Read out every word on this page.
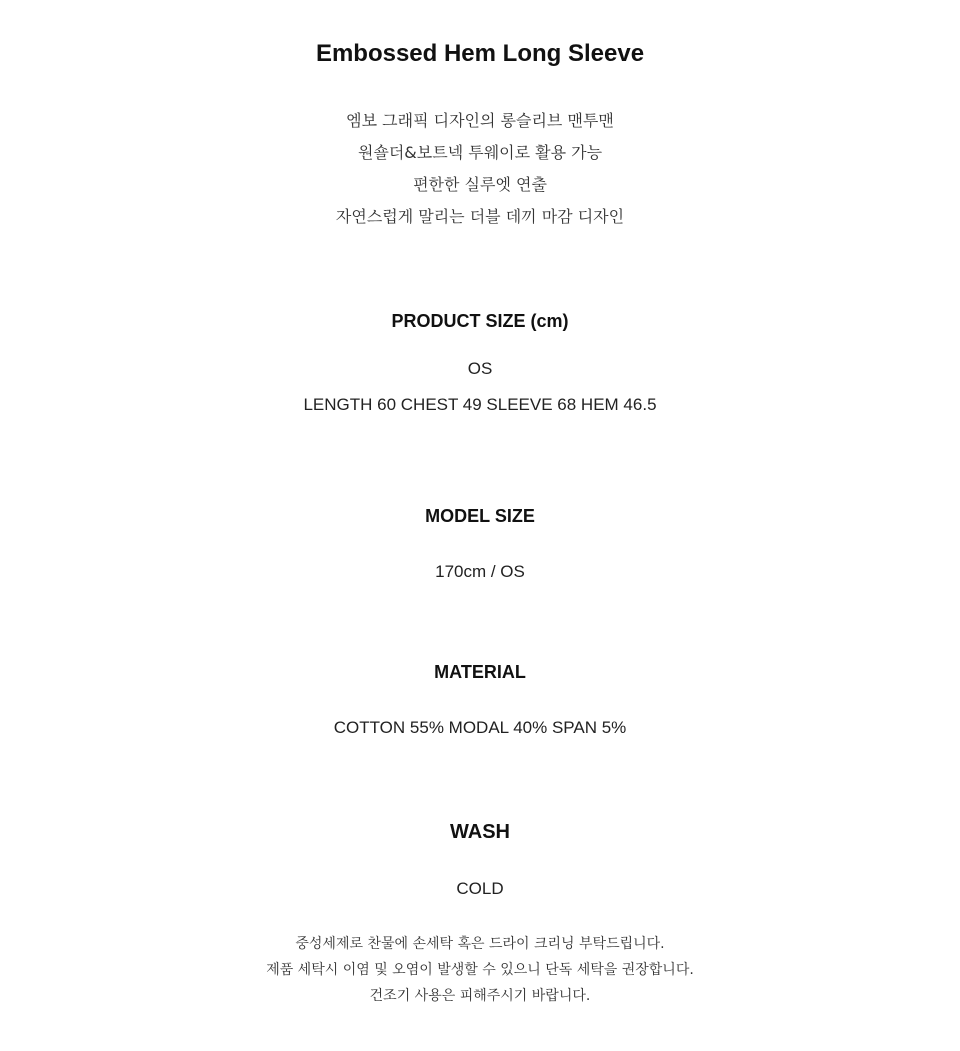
Embossed Hem Long Sleeve
엠보 그래픽 디자인의 롱슬리브 맨투맨
원숄더&보트넥 투웨이로 활용 가능
편한한 실루엣 연출
자연스럽게 말리는 더블 데끼 마감 디자인
PRODUCT SIZE (cm)
OS
LENGTH 60 CHEST 49 SLEEVE 68 HEM 46.5
MODEL SIZE
170cm / OS
MATERIAL
COTTON 55% MODAL 40% SPAN 5%
WASH
COLD
중성세제로 찬물에 손세탁 혹은 드라이 크리닝 부탁드립니다.
제품 세탁시 이염 및 오염이 발생할 수 있으니 단독 세탁을 권장합니다.
건조기 사용은 피해주시기 바랍니다.
